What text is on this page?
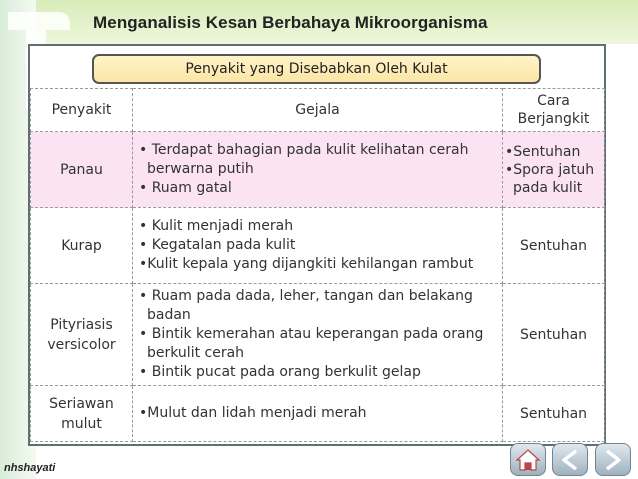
Menganalisis Kesan Berbahaya Mikroorganisma
Penyakit yang Disebabkan Oleh Kulat
Penyakit	Gejala	Cara
Berjangkit

Panau	• Terdapat bahagian pada kulit kelihatan cerah
berwarna putih
• Ruam gatal	•Sentuhan
•Spora jatuh
pada kulit

Kurap	• Kulit menjadi merah
• Kegatalan pada kulit
•Kulit kepala yang dijangkiti kehilangan rambut	Sentuhan

Pityriasis
versicolor	• Ruam pada dada, leher, tangan dan belakang
badan
• Bintik kemerahan atau keperangan pada orang
berkulit cerah
• Bintik pucat pada orang berkulit gelap	Sentuhan

Seriawan
mulut	•Mulut dan lidah menjadi merah	Sentuhan
nhshayati
